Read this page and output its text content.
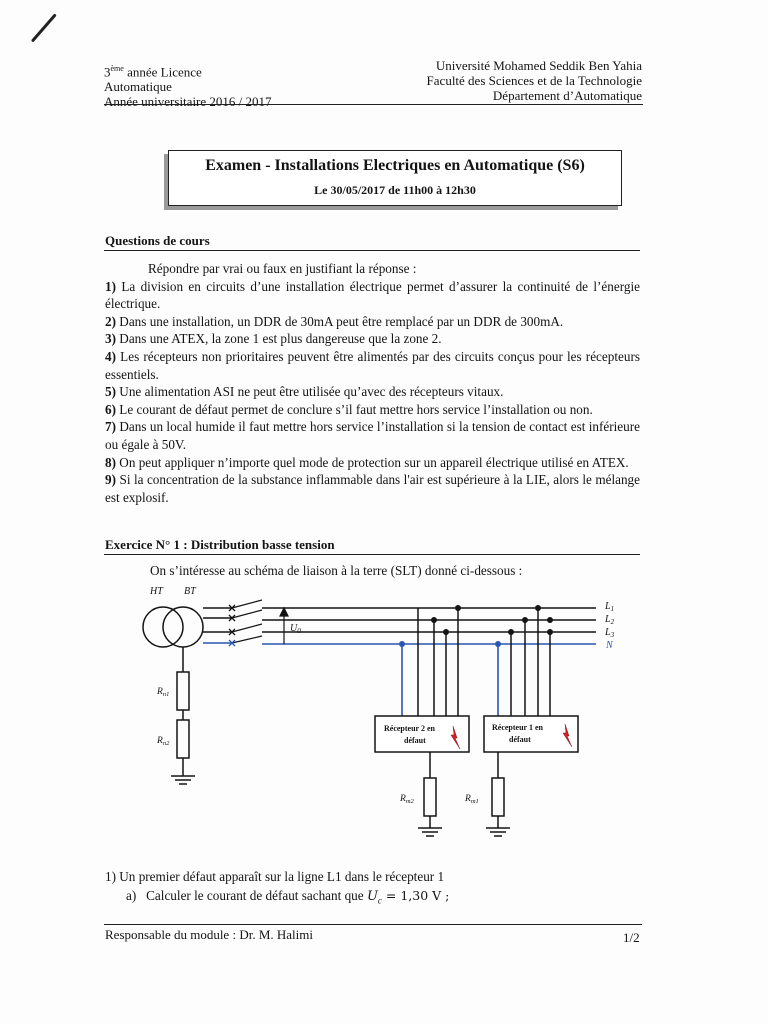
3ème année Licence
Automatique
Année universitaire 2016 / 2017
Université Mohamed Seddik Ben Yahia
Faculté des Sciences et de la Technologie
Département d’Automatique
Examen - Installations Electriques en Automatique (S6)
Le 30/05/2017 de 11h00 à 12h30
Questions de cours

Répondre par vrai ou faux en justifiant la réponse :

1) La division en circuits d’une installation électrique permet d’assurer la continuité de l’énergie électrique.

2) Dans une installation, un DDR de 30mA peut être remplacé par un DDR de 300mA.

3) Dans une ATEX, la zone 1 est plus dangereuse que la zone 2.

4) Les récepteurs non prioritaires peuvent être alimentés par des circuits conçus pour les récepteurs essentiels.

5) Une alimentation ASI ne peut être utilisée qu’avec des récepteurs vitaux.

6) Le courant de défaut permet de conclure s’il faut mettre hors service l’installation ou non.

7) Dans un local humide il faut mettre hors service l’installation si la tension de contact est inférieure ou égale à 50V.

8) On peut appliquer n’importe quel mode de protection sur un appareil électrique utilisé en ATEX.

9) Si la concentration de la substance inflammable dans l'air est supérieure à la LIE, alors le mélange est explosif.

Exercice N° 1 : Distribution basse tension
On s’intéresse au schéma de liaison à la terre (SLT) donné ci-dessous :
HT BT
$U_0$
$L_1$
$L_2$
$L_3$
N
$R_{n1}$
$R_{n2}$
Récepteur 2 en
défaut
Récepteur 1 en
défaut
$R_{m2}$	$R_{m1}$
1) Un premier défaut apparaît sur la ligne L1 dans le récepteur 1
a) Calculer le courant de défaut sachant que $U_c = 1,30$ V ;
Responsable du module : Dr. M. Halimi	1/2
